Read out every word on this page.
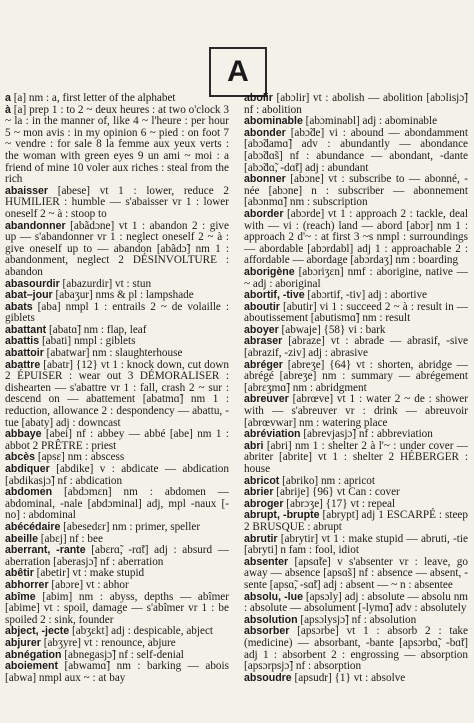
A

a [a] nm : a, first letter of the alphabet

à [a] prep 1 : to 2 ~ deux heures : at two o'clock 3 ~ la : in the manner of, like 4 ~ l'heure : per hour 5 ~ mon avis : in my opinion 6 ~ pied : on foot 7 ~ vendre : for sale 8 la femme aux yeux verts : the woman with green eyes 9 un ami ~ moi : a friend of mine 10 voler aux riches : steal from the rich

abaisser [abese] vt 1 : lower, reduce 2 HUMILIER : humble — s'abaisser vr 1 : lower oneself 2 ~ à : stoop to

abandonner [abãdɔne] vt 1 : abandon 2 : give up — s'abandonner vr 1 : neglect oneself 2 ~ à : give oneself up to — abandon [abãdɔ̃] nm 1 : abandonment, neglect 2 DÉSINVOLTURE : abandon

abasourdir [abazurdir] vt : stun

abat–jour [abaʒur] nms & pl : lampshade

abats [aba] nmpl 1 : entrails 2 ~ de volaille : giblets

abattant [abatɑ̃] nm : flap, leaf

abattis [abati] nmpl : giblets

abattoir [abatwar] nm : slaughterhouse

abattre [abatr] {12} vt 1 : knock down, cut down 2 ÉPUISER : wear out 3 DÉMORALISER : dishearten — s'abattre vr 1 : fall, crash 2 ~ sur : descend on — abattement [abatmɑ̃] nm 1 : reduction, allowance 2 : despondency — abattu, -tue [abaty] adj : downcast

abbaye [abei] nf : abbey — abbé [abe] nm 1 : abbot 2 PRÊTRE : priest

abcès [apsɛ] nm : abscess

abdiquer [abdike] v : abdicate — abdication [abdikasjɔ̃] nf : abdication

abdomen [abdɔmɛn] nm : abdomen — abdominal, -nale [abdɔminal] adj, mpl -naux [-no] : abdominal

abécédaire [abesedɛr] nm : primer, speller

abeille [abɛj] nf : bee

aberrant, -rante [abɛrɑ̃, -rɑ̃t] adj : absurd — aberration [aberasjɔ̃] nf : aberration

abêtir [abetir] vt : make stupid

abhorrer [abɔre] vt : abhor

abîme [abim] nm : abyss, depths — abîmer [abime] vt : spoil, damage — s'abîmer vr 1 : be spoiled 2 : sink, founder

abject, -jecte [abʒɛkt] adj : despicable, abject

abjurer [abʒyre] vt : renounce, abjure

abnégation [abnegasjɔ̃] nf : self-denial

aboiement [abwamɑ̃] nm : barking — abois [abwa] nmpl aux ~ : at bay

abolir [abɔlir] vt : abolish — abolition [abɔlisjɔ̃] nf : abolition

abominable [abɔminabl] adj : abominable

abonder [abɔ̃de] vi : abound — abondamment [abɔ̃damɑ̃] adv : abundantly — abondance [abɔ̃dɑ̃s] nf : abundance — abondant, -dante [abɔ̃dɑ̃, -dɑ̃t] adj : abundant

abonner [abɔne] vt : subscribe to — abonné, -née [abɔne] n : subscriber — abonnement [abɔnmɑ̃] nm : subscription

aborder [abɔrde] vt 1 : approach 2 : tackle, deal with — vi : (reach) land — abord [abɔr] nm 1 : approach 2 d'~ : at first 3 ~s nmpl : surroundings — abordable [abɔrdabl] adj 1 : approachable 2 : affordable — abordage [abɔrdaʒ] nm : boarding

aborigène [abɔriʒɛn] nmf : aborigine, native — ~ adj : aboriginal

abortif, -tive [abɔrtif, -tiv] adj : abortive

aboutir [abutir] vi 1 : succeed 2 ~ à : result in — aboutissement [abutismɑ̃] nm : result

aboyer [abwaje] {58} vi : bark

abraser [abraze] vt : abrade — abrasif, -sive [abrazif, -ziv] adj : abrasive

abréger [abreʒe] {64} vt : shorten, abridge — abrégé [abreʒe] nm : summary — abrégement [abrɛʒmɑ̃] nm : abridgment

abreuver [abrœve] vt 1 : water 2 ~ de : shower with — s'abreuver vr : drink — abreuvoir [abrœvwar] nm : watering place

abréviation [abrevjasjɔ̃] nf : abbreviation

abri [abri] nm 1 : shelter 2 à l'~ : under cover — abriter [abrite] vt 1 : shelter 2 HÉBERGER : house

abricot [abriko] nm : apricot

abrier [abrije] {96} vt Can : cover

abroger [abrɔʒe] {17} vt : repeal

abrupt, -brupte [abrypt] adj 1 ESCARPÉ : steep 2 BRUSQUE : abrupt

abrutir [abrytir] vt 1 : make stupid — abruti, -tie [abryti] n fam : fool, idiot

absenter [apsɑ̃te] v s'absenter vr : leave, go away — absence [apsɑ̃s] nf : absence — absent, -sente [apsɑ̃, -sɑ̃t] adj : absent — ~ n : absentee

absolu, -lue [apsɔly] adj : absolute — absolu nm : absolute — absolument [-lymɑ̃] adv : absolutely

absolution [apsɔlysjɔ̃] nf : absolution

absorber [apsɔrbe] vt 1 : absorb 2 : take (medicine) — absorbant, -bante [apsɔrbɑ̃, -bɑ̃t] adj 1 : absorbent 2 : engrossing — absorption [apsɔrpsjɔ̃] nf : absorption

absoudre [apsudr] {1} vt : absolve
